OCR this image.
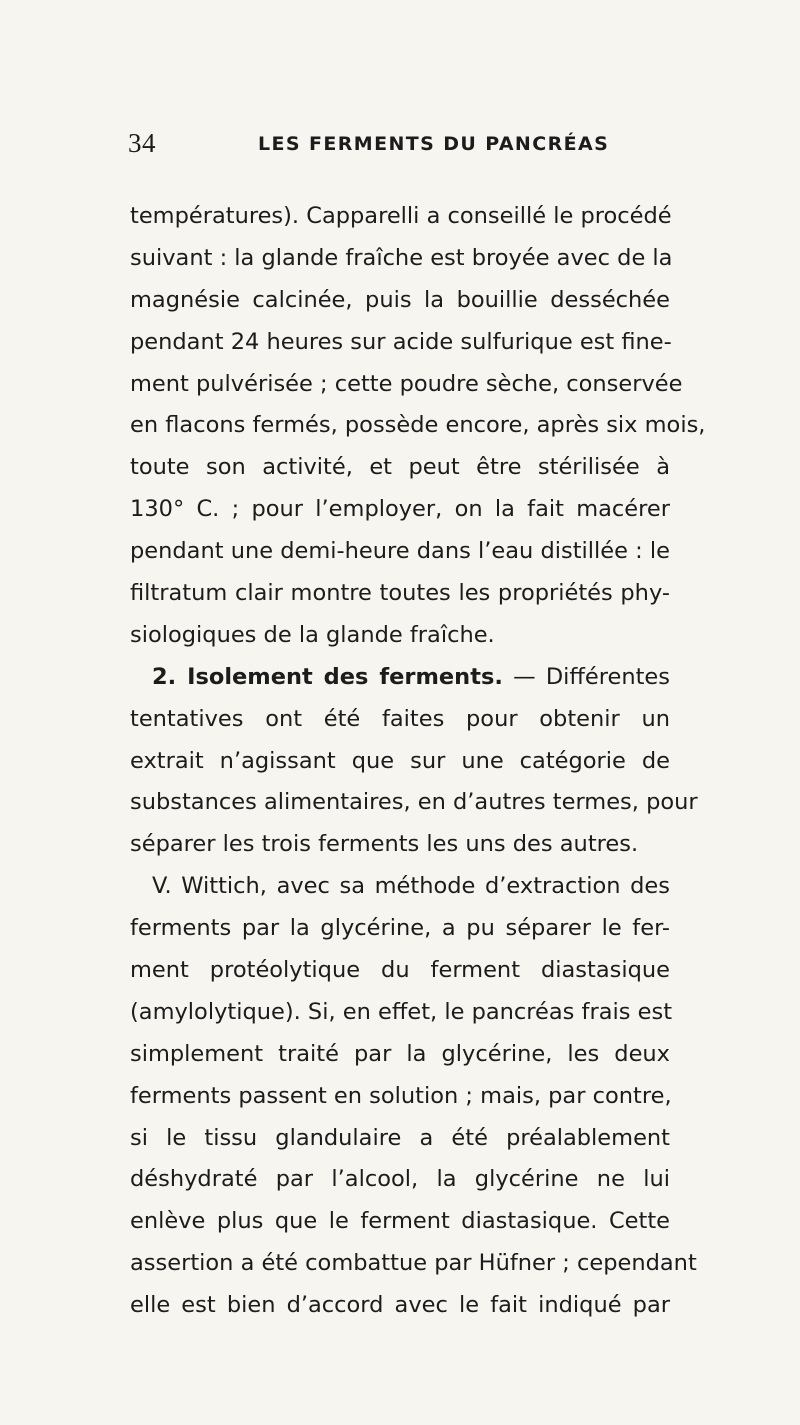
34	LES FERMENTS DU PANCRÉAS
températures). Capparelli a conseillé le procédé
suivant : la glande fraîche est broyée avec de la
magnésie calcinée, puis la bouillie desséchée
pendant 24 heures sur acide sulfurique est fine-
ment pulvérisée ; cette poudre sèche, conservée
en flacons fermés, possède encore, après six mois,
toute son activité, et peut être stérilisée à
130° C. ; pour l’employer, on la fait macérer
pendant une demi-heure dans l’eau distillée : le
filtratum clair montre toutes les propriétés phy-
siologiques de la glande fraîche.
2. Isolement des ferments. — Différentes
tentatives ont été faites pour obtenir un
extrait n’agissant que sur une catégorie de
substances alimentaires, en d’autres termes, pour
séparer les trois ferments les uns des autres.
V. Wittich, avec sa méthode d’extraction des
ferments par la glycérine, a pu séparer le fer-
ment protéolytique du ferment diastasique
(amylolytique). Si, en effet, le pancréas frais est
simplement traité par la glycérine, les deux
ferments passent en solution ; mais, par contre,
si le tissu glandulaire a été préalablement
déshydraté par l’alcool, la glycérine ne lui
enlève plus que le ferment diastasique. Cette
assertion a été combattue par Hüfner ; cependant
elle est bien d’accord avec le fait indiqué par
